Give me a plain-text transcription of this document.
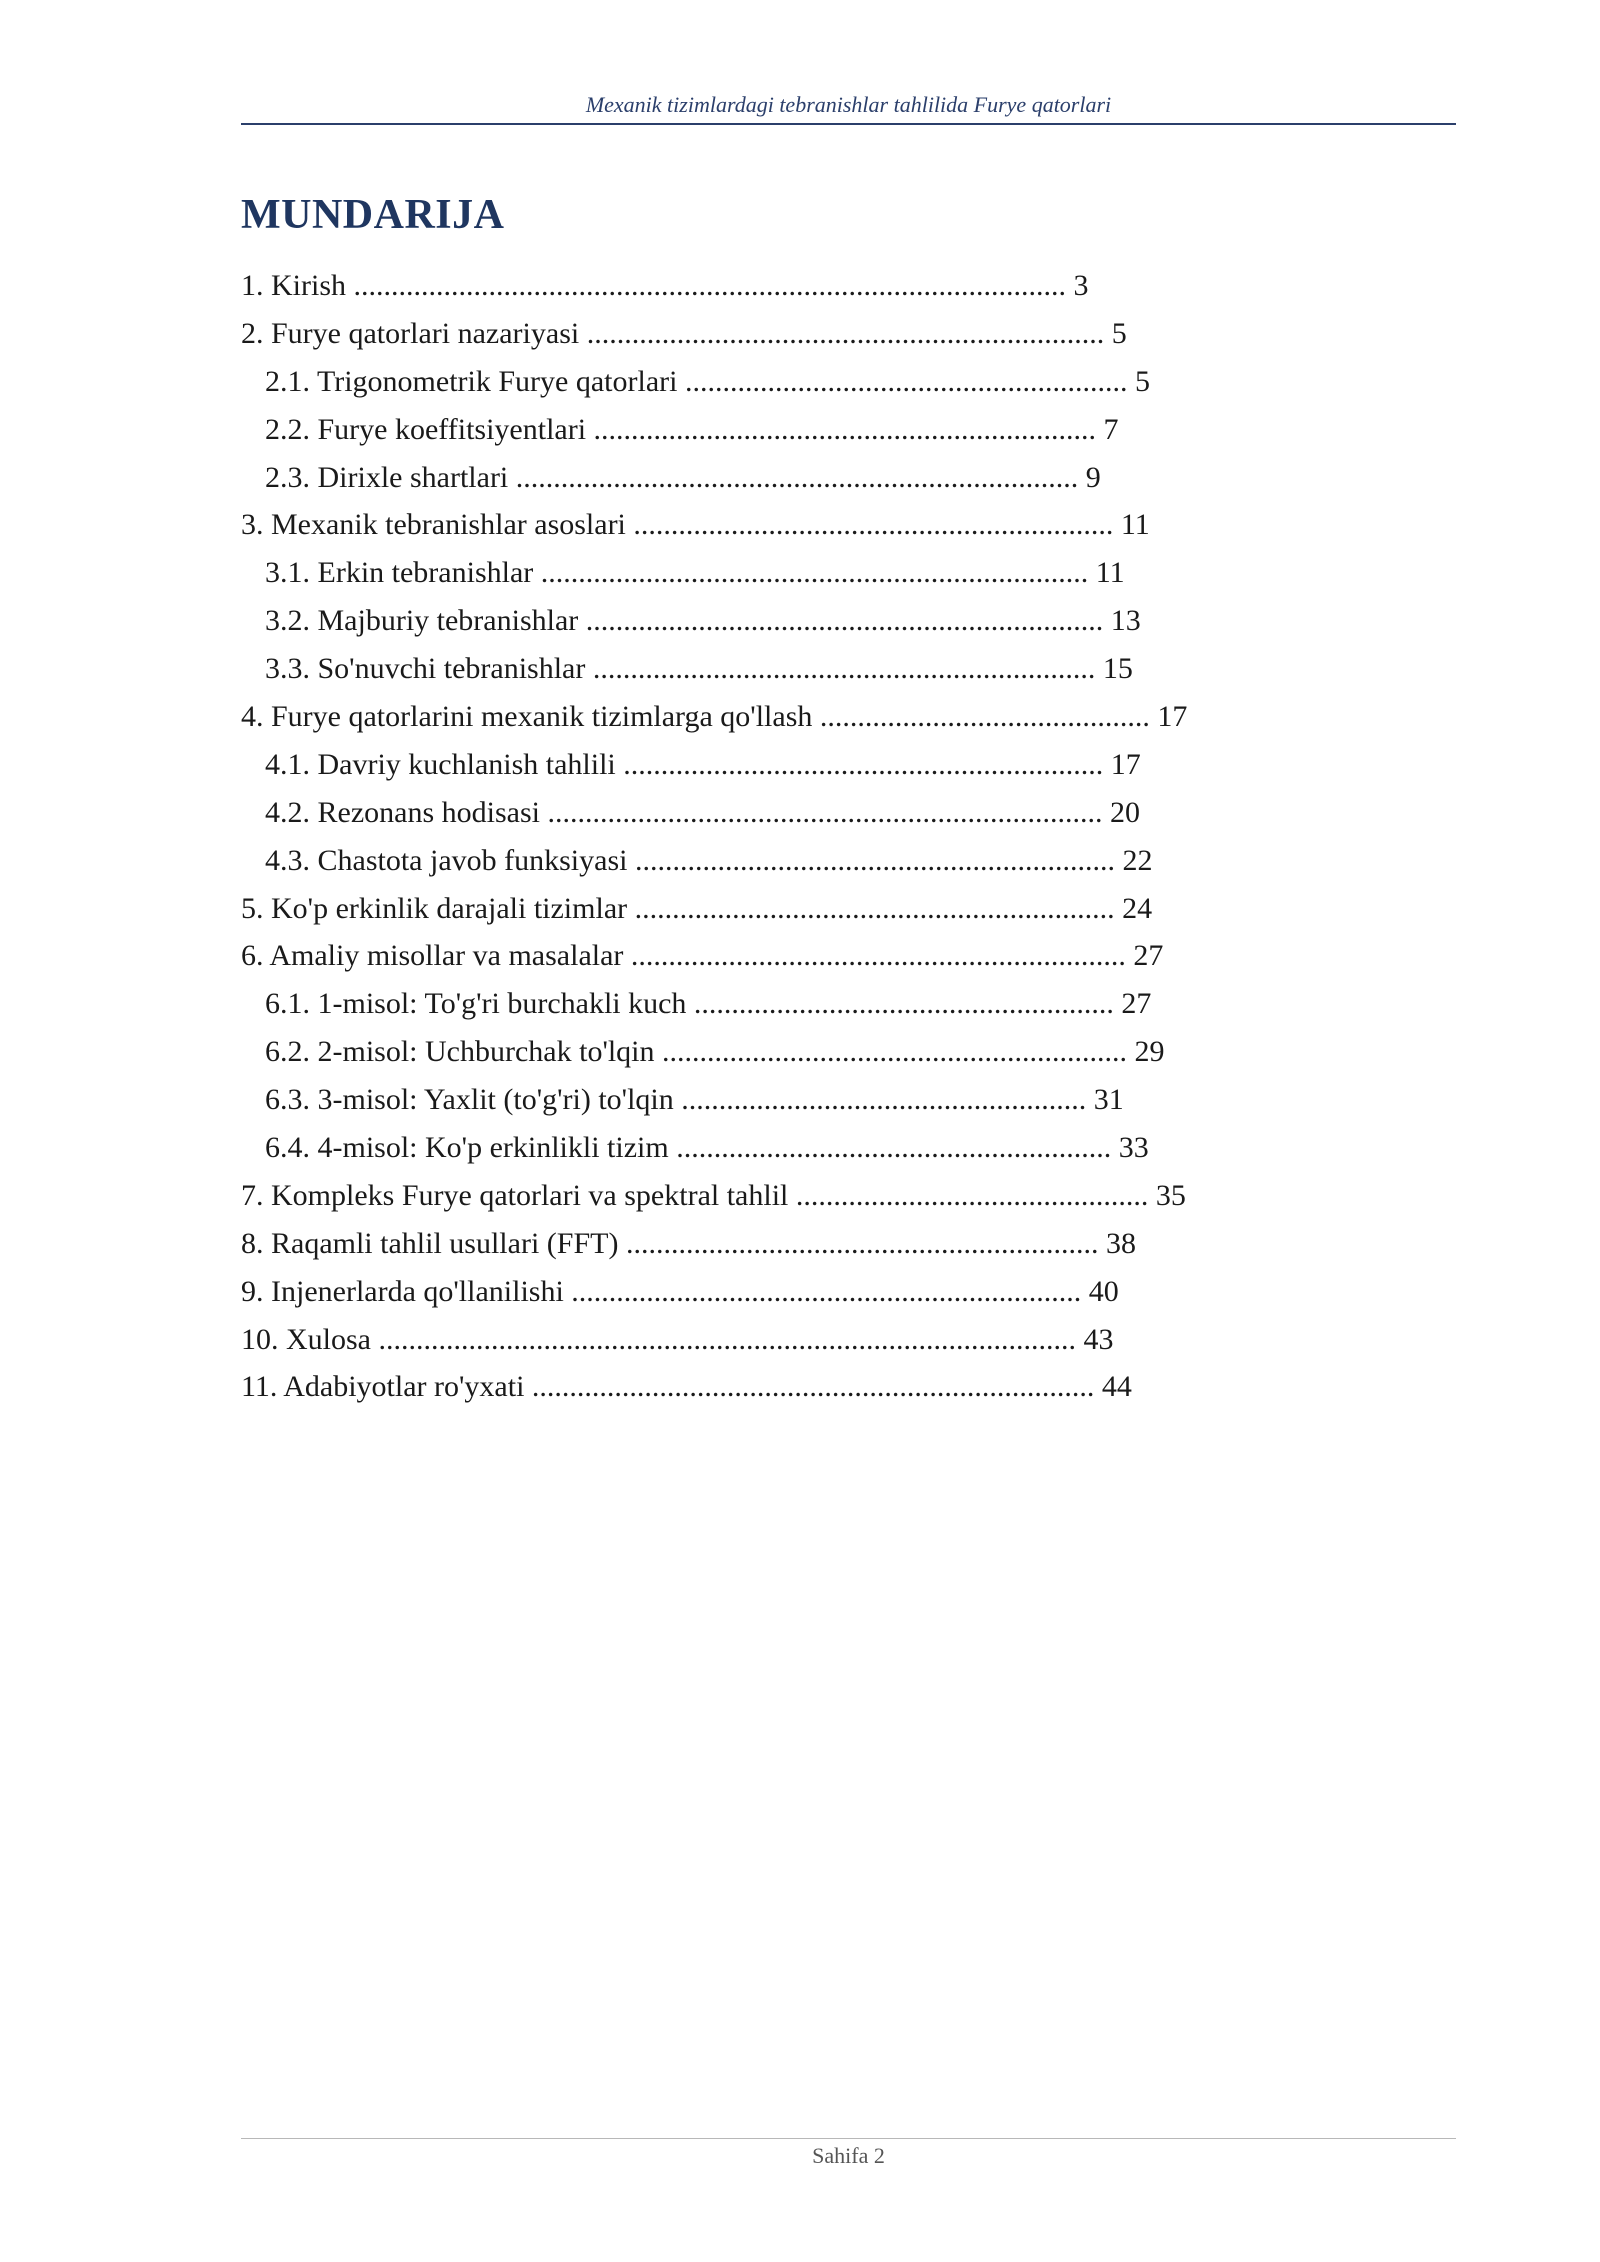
Mexanik tizimlardagi tebranishlar tahlilida Furye qatorlari
MUNDARIJA
1. Kirish ............................................................................................... 3
2. Furye qatorlari nazariyasi ..................................................................... 5
2.1. Trigonometrik Furye qatorlari ........................................................... 5
2.2. Furye koeffitsiyentlari ................................................................... 7
2.3. Dirixle shartlari ........................................................................... 9
3. Mexanik tebranishlar asoslari ................................................................ 11
3.1. Erkin tebranishlar ......................................................................... 11
3.2. Majburiy tebranishlar ..................................................................... 13
3.3. So'nuvchi tebranishlar ................................................................... 15
4. Furye qatorlarini mexanik tizimlarga qo'llash ............................................ 17
4.1. Davriy kuchlanish tahlili ................................................................ 17
4.2. Rezonans hodisasi .......................................................................... 20
4.3. Chastota javob funksiyasi ................................................................ 22
5. Ko'p erkinlik darajali tizimlar ................................................................ 24
6. Amaliy misollar va masalalar .................................................................. 27
6.1. 1-misol: To'g'ri burchakli kuch ........................................................ 27
6.2. 2-misol: Uchburchak to'lqin .............................................................. 29
6.3. 3-misol: Yaxlit (to'g'ri) to'lqin ...................................................... 31
6.4. 4-misol: Ko'p erkinlikli tizim .......................................................... 33
7. Kompleks Furye qatorlari va spektral tahlil ............................................... 35
8. Raqamli tahlil usullari (FFT) ............................................................... 38
9. Injenerlarda qo'llanilishi .................................................................... 40
10. Xulosa ............................................................................................. 43
11. Adabiyotlar ro'yxati ........................................................................... 44
Sahifa 2
